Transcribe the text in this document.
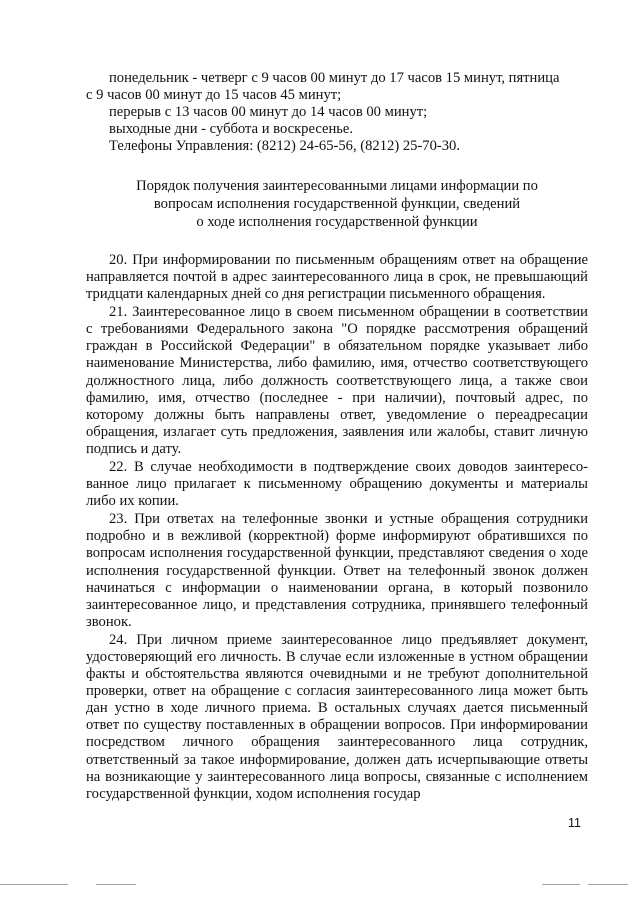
понедельник - четверг с 9 часов 00 минут до 17 часов 15 минут, пятница

с 9 часов 00 минут до 15 часов 45 минут;

перерыв с 13 часов 00 минут до 14 часов 00 минут;

выходные дни - суббота и воскресенье.

Телефоны Управления: (8212) 24-65-56, (8212) 25-70-30.

Порядок получения заинтересованными лицами информации по
вопросам исполнения государственной функции, сведений
о ходе исполнения государственной функции

20. При информировании по письменным обращениям ответ на обращение направляется почтой в адрес заинтересованного лица в срок, не превышающий тридцати календарных дней со дня регистрации письменного обращения.

21. Заинтересованное лицо в своем письменном обращении в соответствии с требованиями Федерального закона "О порядке рассмотрения обращений граждан в Российской Федерации" в обязательном порядке указывает либо наименование Министерства, либо фамилию, имя, отчество соответствующего должностного лица, либо должность соответствующего лица, а также свои фамилию, имя, отчество (последнее - при наличии), почтовый адрес, по которому должны быть направлены ответ, уведомление о переадресации обращения, излагает суть предложения, заявления или жалобы, ставит личную подпись и дату.

22. В случае необходимости в подтверждение своих доводов заинтересованное лицо прилагает к письменному обращению документы и материалы либо их копии.

23. При ответах на телефонные звонки и устные обращения сотрудники подробно и в вежливой (корректной) форме информируют обратившихся по вопросам исполнения государственной функции, представляют сведения о ходе исполнения государственной функции. Ответ на телефонный звонок должен начинаться с информации о наименовании органа, в который позвонило заинтересованное лицо, и представления сотрудника, принявшего телефонный звонок.

24. При личном приеме заинтересованное лицо предъявляет документ, удостоверяющий его личность. В случае если изложенные в устном обращении факты и обстоятельства являются очевидными и не требуют дополнительной проверки, ответ на обращение с согласия заинтересованного лица может быть дан устно в ходе личного приема. В остальных случаях дается письменный ответ по существу поставленных в обращении вопросов. При информировании посредством личного обращения заинтересованного лица сотрудник, ответственный за такое информирование, должен дать исчерпывающие ответы на возникающие у заинтересованного лица вопросы, связанные с исполнением государственной функции, ходом исполнения государ

11
